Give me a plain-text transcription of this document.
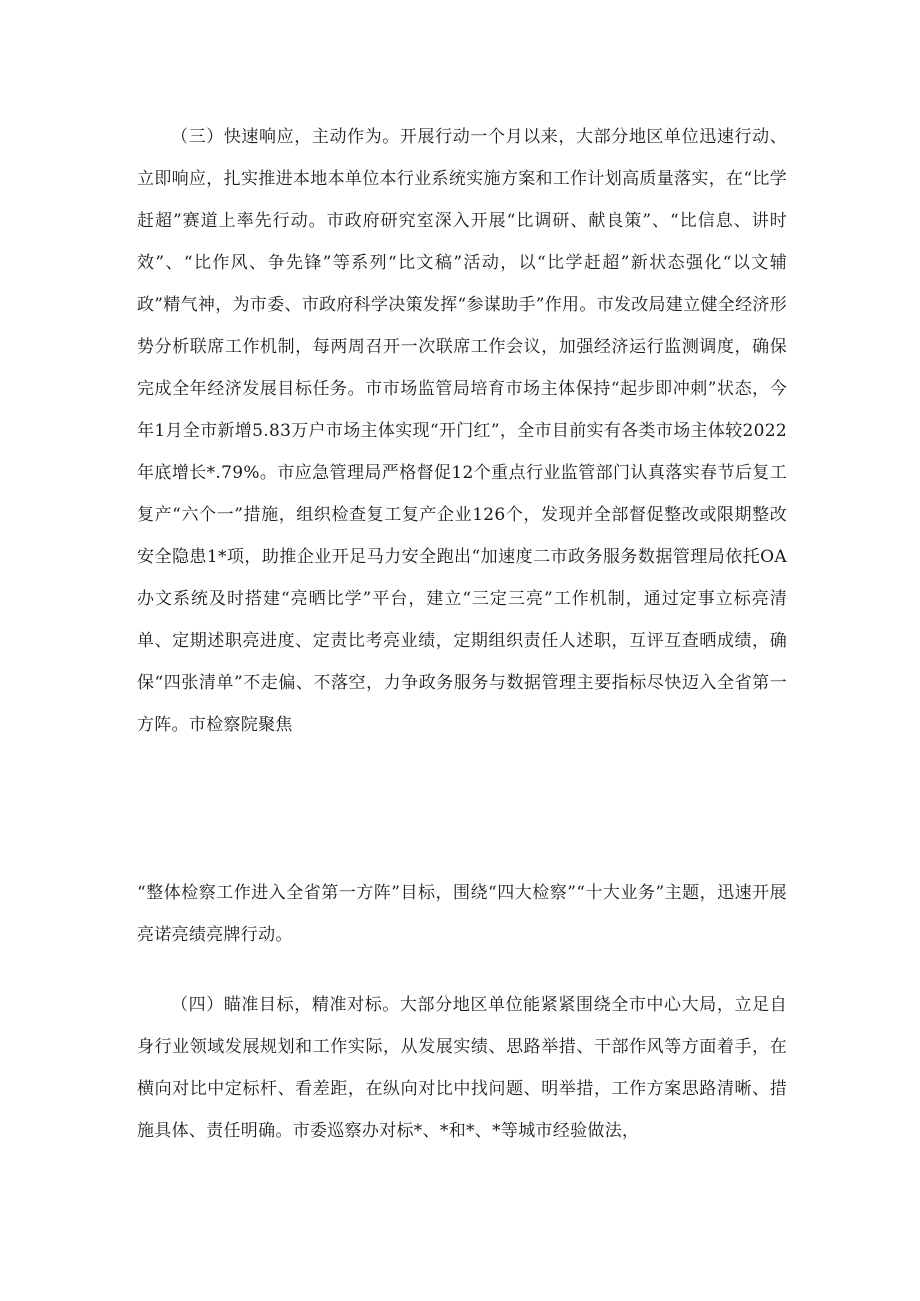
（三）快速响应，主动作为。开展行动一个月以来，大部分地区单位迅速行动、立即响应，扎实推进本地本单位本行业系统实施方案和工作计划高质量落实，在“比学赶超”赛道上率先行动。市政府研究室深入开展“比调研、献良策”、“比信息、讲时效”、“比作风、争先锋”等系列“比文稿”活动，以“比学赶超”新状态强化“以文辅政”精气神，为市委、市政府科学决策发挥“参谋助手”作用。市发改局建立健全经济形势分析联席工作机制，每两周召开一次联席工作会议，加强经济运行监测调度，确保完成全年经济发展目标任务。市市场监管局培育市场主体保持“起步即冲刺”状态，今年1月全市新增5.83万户市场主体实现“开门红”，全市目前实有各类市场主体较2022年底增长*.79%。市应急管理局严格督促12个重点行业监管部门认真落实春节后复工复产“六个一”措施，组织检查复工复产企业126个，发现并全部督促整改或限期整改安全隐患1*项，助推企业开足马力安全跑出“加速度二市政务服务数据管理局依托OA办文系统及时搭建“亮晒比学”平台，建立“三定三亮”工作机制，通过定事立标亮清单、定期述职亮进度、定责比考亮业绩，定期组织责任人述职，互评互查晒成绩，确保“四张清单”不走偏、不落空，力争政务服务与数据管理主要指标尽快迈入全省第一方阵。市检察院聚焦

“整体检察工作进入全省第一方阵”目标，围绕“四大检察”“十大业务”主题，迅速开展亮诺亮绩亮牌行动。

（四）瞄准目标，精准对标。大部分地区单位能紧紧围绕全市中心大局，立足自身行业领域发展规划和工作实际，从发展实绩、思路举措、干部作风等方面着手，在横向对比中定标杆、看差距，在纵向对比中找问题、明举措，工作方案思路清晰、措施具体、责任明确。市委巡察办对标*、*和*、*等城市经验做法，
